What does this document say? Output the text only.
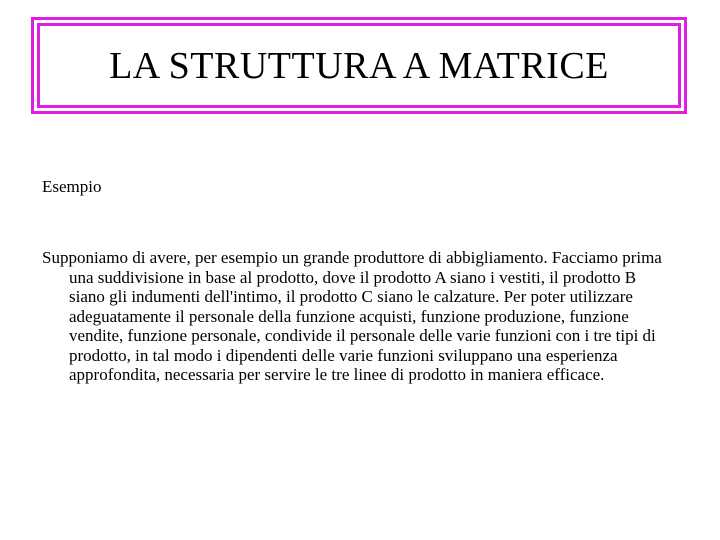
LA STRUTTURA A MATRICE
Esempio

Supponiamo di avere, per esempio un grande produttore di abbigliamento. Facciamo prima una suddivisione in base al prodotto, dove il prodotto A siano i vestiti, il prodotto B siano gli indumenti dell'intimo, il prodotto C siano le calzature. Per poter utilizzare adeguatamente il personale della funzione acquisti, funzione produzione, funzione vendite, funzione personale, condivide il personale delle varie funzioni con i tre tipi di prodotto, in tal modo i dipendenti delle varie funzioni sviluppano una esperienza approfondita, necessaria per servire le tre linee di prodotto in maniera efficace.
